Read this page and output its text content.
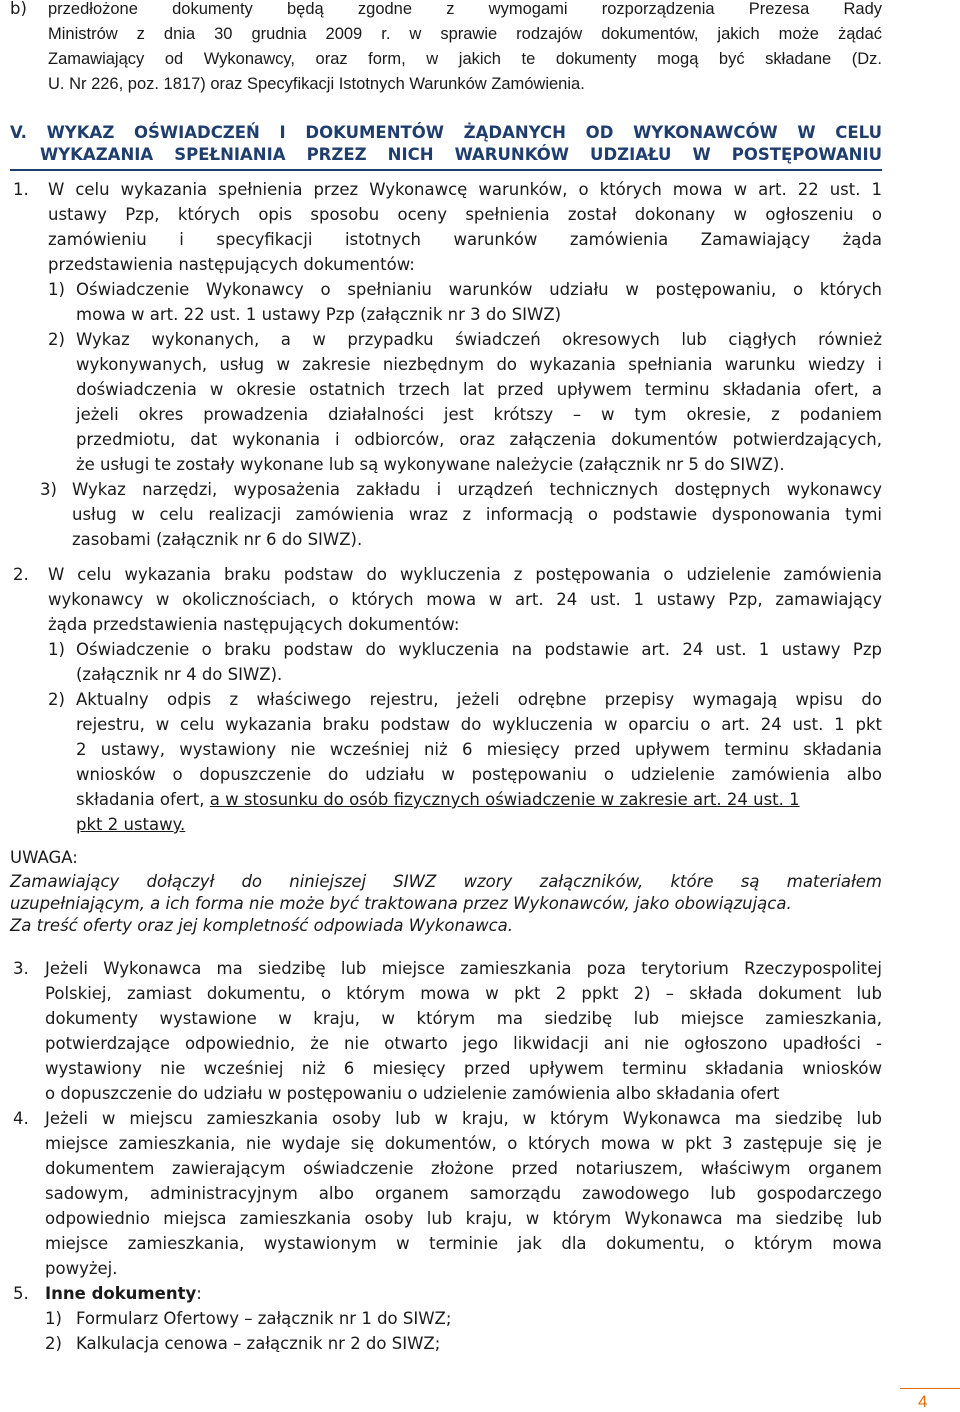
b) przedłożone dokumenty będą zgodne z wymogami rozporządzenia Prezesa Rady
Ministrów z dnia 30 grudnia 2009 r. w sprawie rodzajów dokumentów, jakich może żądać
Zamawiający od Wykonawcy, oraz form, w jakich te dokumenty mogą być składane (Dz.
U. Nr 226, poz. 1817) oraz Specyfikacji Istotnych Warunków Zamówienia.
V. WYKAZ OŚWIADCZEŃ I DOKUMENTÓW ŻĄDANYCH OD WYKONAWCÓW W CELU
WYKAZANIA SPEŁNIANIA PRZEZ NICH WARUNKÓW UDZIAŁU W POSTĘPOWANIU
1. W celu wykazania spełnienia przez Wykonawcę warunków, o których mowa w art. 22 ust. 1
ustawy Pzp, których opis sposobu oceny spełnienia został dokonany w ogłoszeniu o
zamówieniu i specyfikacji istotnych warunków zamówienia Zamawiający żąda
przedstawienia następujących dokumentów:
1) Oświadczenie Wykonawcy o spełnianiu warunków udziału w postępowaniu, o których
mowa w art. 22 ust. 1 ustawy Pzp (załącznik nr 3 do SIWZ)
2) Wykaz wykonanych, a w przypadku świadczeń okresowych lub ciągłych również
wykonywanych, usług w zakresie niezbędnym do wykazania spełniania warunku wiedzy i
doświadczenia w okresie ostatnich trzech lat przed upływem terminu składania ofert, a
jeżeli okres prowadzenia działalności jest krótszy – w tym okresie, z podaniem
przedmiotu, dat wykonania i odbiorców, oraz załączenia dokumentów potwierdzających,
że usługi te zostały wykonane lub są wykonywane należycie (załącznik nr 5 do SIWZ).
3) Wykaz narzędzi, wyposażenia zakładu i urządzeń technicznych dostępnych wykonawcy
usług w celu realizacji zamówienia wraz z informacją o podstawie dysponowania tymi
zasobami (załącznik nr 6 do SIWZ).
2. W celu wykazania braku podstaw do wykluczenia z postępowania o udzielenie zamówienia
wykonawcy w okolicznościach, o których mowa w art. 24 ust. 1 ustawy Pzp, zamawiający
żąda przedstawienia następujących dokumentów:
1) Oświadczenie o braku podstaw do wykluczenia na podstawie art. 24 ust. 1 ustawy Pzp
(załącznik nr 4 do SIWZ).
2) Aktualny odpis z właściwego rejestru, jeżeli odrębne przepisy wymagają wpisu do
rejestru, w celu wykazania braku podstaw do wykluczenia w oparciu o art. 24 ust. 1 pkt
2 ustawy, wystawiony nie wcześniej niż 6 miesięcy przed upływem terminu składania
wniosków o dopuszczenie do udziału w postępowaniu o udzielenie zamówienia albo
składania ofert, a w stosunku do osób fizycznych oświadczenie w zakresie art. 24 ust. 1
pkt 2 ustawy.
UWAGA:
Zamawiający dołączył do niniejszej SIWZ wzory załączników, które są materiałem
uzupełniającym, a ich forma nie może być traktowana przez Wykonawców, jako obowiązująca.
Za treść oferty oraz jej kompletność odpowiada Wykonawca.
3. Jeżeli Wykonawca ma siedzibę lub miejsce zamieszkania poza terytorium Rzeczypospolitej
Polskiej, zamiast dokumentu, o którym mowa w pkt 2 ppkt 2) – składa dokument lub
dokumenty wystawione w kraju, w którym ma siedzibę lub miejsce zamieszkania,
potwierdzające odpowiednio, że nie otwarto jego likwidacji ani nie ogłoszono upadłości -
wystawiony nie wcześniej niż 6 miesięcy przed upływem terminu składania wniosków
o dopuszczenie do udziału w postępowaniu o udzielenie zamówienia albo składania ofert
4. Jeżeli w miejscu zamieszkania osoby lub w kraju, w którym Wykonawca ma siedzibę lub
miejsce zamieszkania, nie wydaje się dokumentów, o których mowa w pkt 3 zastępuje się je
dokumentem zawierającym oświadczenie złożone przed notariuszem, właściwym organem
sadowym, administracyjnym albo organem samorządu zawodowego lub gospodarczego
odpowiednio miejsca zamieszkania osoby lub kraju, w którym Wykonawca ma siedzibę lub
miejsce zamieszkania, wystawionym w terminie jak dla dokumentu, o którym mowa
powyżej.
5. Inne dokumenty:
1) Formularz Ofertowy – załącznik nr 1 do SIWZ;
2) Kalkulacja cenowa – załącznik nr 2 do SIWZ;
4
